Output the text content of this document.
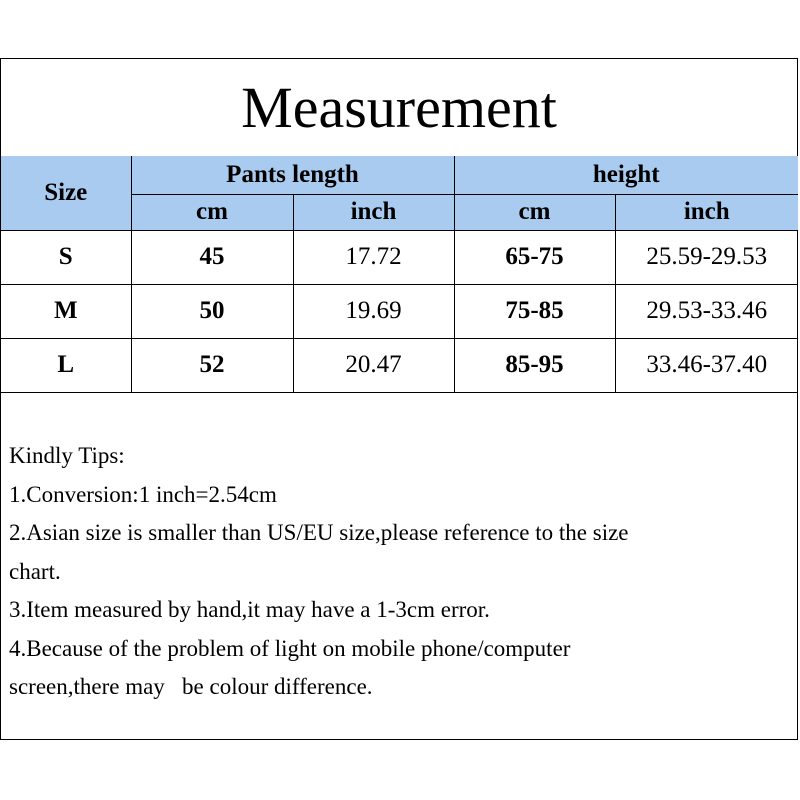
Measurement
Size	Pants length		height	
	cm	inch	cm	inch
S	45	17.72	65-75	25.59-29.53
M	50	19.69	75-85	29.53-33.46
L	52	20.47	85-95	33.46-37.40
Kindly Tips:
1.Conversion:1 inch=2.54cm
2.Asian size is smaller than US/EU size,please reference to the size
chart.
3.Item measured by hand,it may have a 1-3cm error.
4.Because of the problem of light on mobile phone/computer
screen,there may   be colour difference.
